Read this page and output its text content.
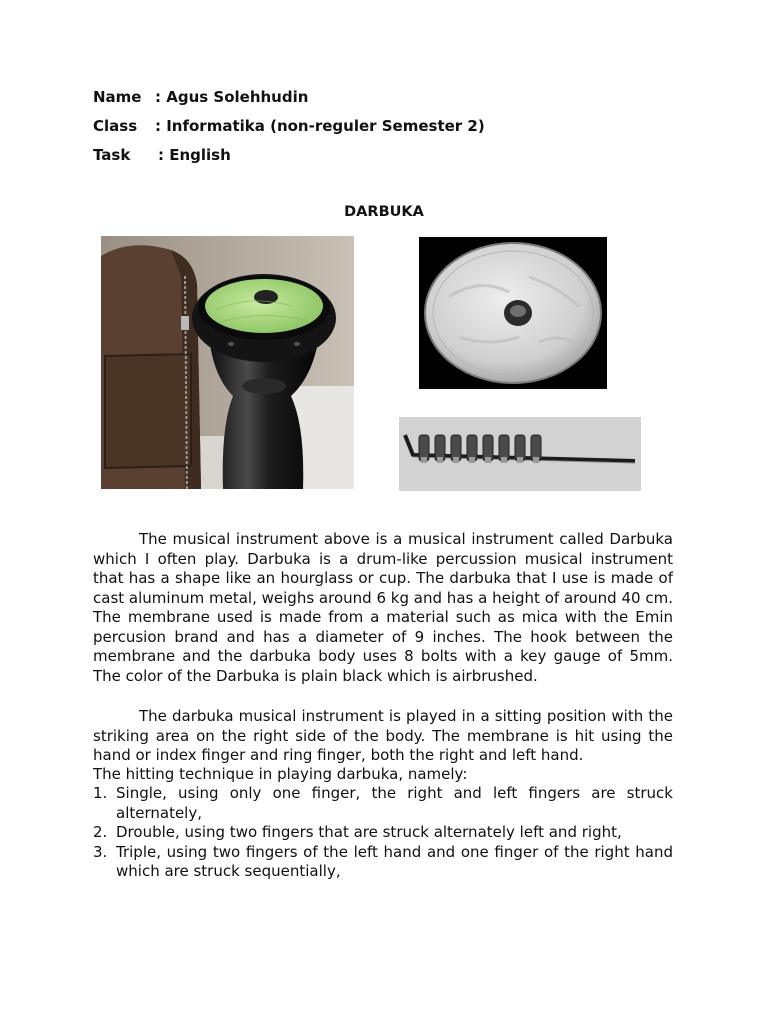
Name : Agus Solehhudin
Class : Informatika (non-reguler Semester 2)
Task : English
DARBUKA

The musical instrument above is a musical instrument called Darbuka which I often play. Darbuka is a drum-like percussion musical instrument that has a shape like an hourglass or cup. The darbuka that I use is made of cast aluminum metal, weighs around 6 kg and has a height of around 40 cm. The membrane used is made from a material such as mica with the Emin percusion brand and has a diameter of 9 inches. The hook between the membrane and the darbuka body uses 8 bolts with a key gauge of 5mm. The color of the Darbuka is plain black which is airbrushed.

The darbuka musical instrument is played in a sitting position with the striking area on the right side of the body. The membrane is hit using the hand or index finger and ring finger, both the right and left hand.

The hitting technique in playing darbuka, namely:

1. Single, using only one finger, the right and left fingers are struck alternately,
2. Drouble, using two fingers that are struck alternately left and right,
3. Triple, using two fingers of the left hand and one finger of the right hand which are struck sequentially,
